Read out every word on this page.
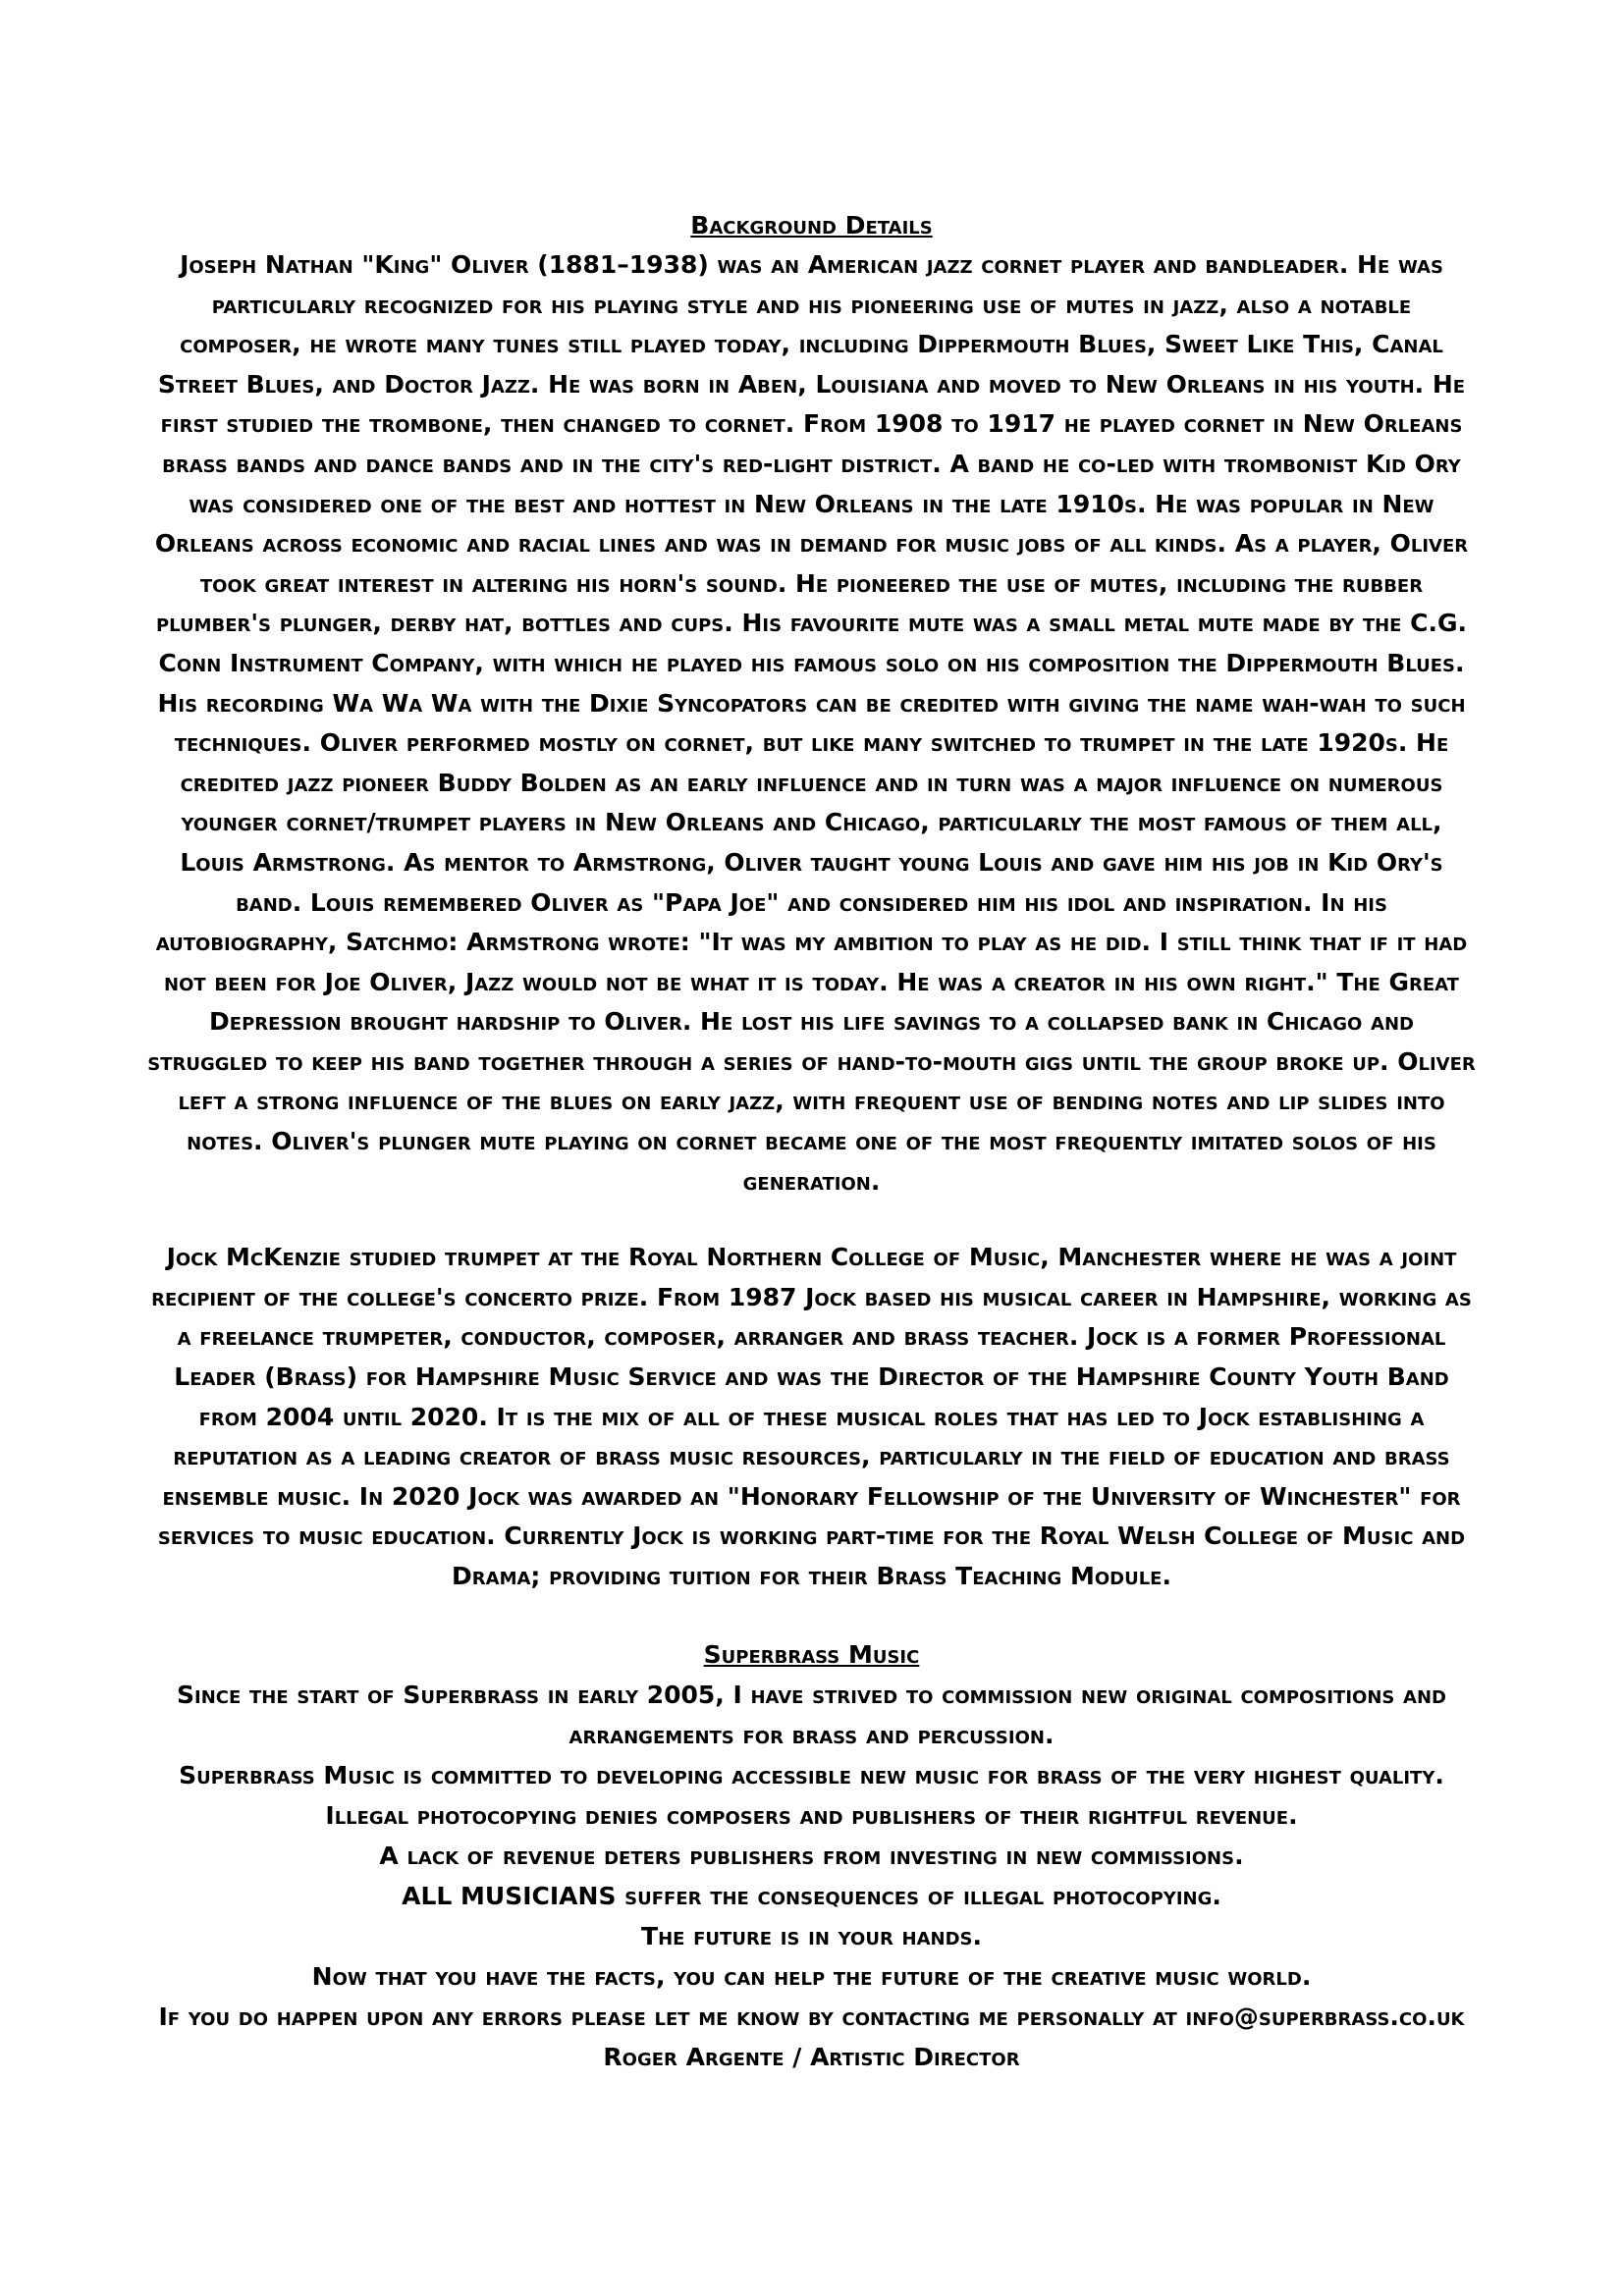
Background Details

Joseph Nathan "King" Oliver (1881–1938) was an American jazz cornet player and bandleader. He was particularly recognized for his playing style and his pioneering use of mutes in jazz, also a notable composer, he wrote many tunes still played today, including Dippermouth Blues, Sweet Like This, Canal Street Blues, and Doctor Jazz. He was born in Aben, Louisiana and moved to New Orleans in his youth. He first studied the trombone, then changed to cornet. From 1908 to 1917 he played cornet in New Orleans brass bands and dance bands and in the city's red-light district. A band he co-led with trombonist Kid Ory was considered one of the best and hottest in New Orleans in the late 1910s. He was popular in New Orleans across economic and racial lines and was in demand for music jobs of all kinds. As a player, Oliver took great interest in altering his horn's sound. He pioneered the use of mutes, including the rubber plumber's plunger, derby hat, bottles and cups. His favourite mute was a small metal mute made by the C.G. Conn Instrument Company, with which he played his famous solo on his composition the Dippermouth Blues. His recording Wa Wa Wa with the Dixie Syncopators can be credited with giving the name wah-wah to such techniques. Oliver performed mostly on cornet, but like many switched to trumpet in the late 1920s. He credited jazz pioneer Buddy Bolden as an early influence and in turn was a major influence on numerous younger cornet/trumpet players in New Orleans and Chicago, particularly the most famous of them all, Louis Armstrong. As mentor to Armstrong, Oliver taught young Louis and gave him his job in Kid Ory's band. Louis remembered Oliver as "Papa Joe" and considered him his idol and inspiration. In his autobiography, Satchmo: Armstrong wrote: "It was my ambition to play as he did. I still think that if it had not been for Joe Oliver, Jazz would not be what it is today. He was a creator in his own right." The Great Depression brought hardship to Oliver. He lost his life savings to a collapsed bank in Chicago and struggled to keep his band together through a series of hand-to-mouth gigs until the group broke up. Oliver left a strong influence of the blues on early jazz, with frequent use of bending notes and lip slides into notes. Oliver's plunger mute playing on cornet became one of the most frequently imitated solos of his generation.

Jock McKenzie studied trumpet at the Royal Northern College of Music, Manchester where he was a joint recipient of the college's concerto prize. From 1987 Jock based his musical career in Hampshire, working as a freelance trumpeter, conductor, composer, arranger and brass teacher. Jock is a former Professional Leader (Brass) for Hampshire Music Service and was the Director of the Hampshire County Youth Band from 2004 until 2020. It is the mix of all of these musical roles that has led to Jock establishing a reputation as a leading creator of brass music resources, particularly in the field of education and brass ensemble music. In 2020 Jock was awarded an "Honorary Fellowship of the University of Winchester" for services to music education. Currently Jock is working part-time for the Royal Welsh College of Music and Drama; providing tuition for their Brass Teaching Module.

Superbrass Music

Since the start of Superbrass in early 2005, I have strived to commission new original compositions and arrangements for brass and percussion.

Superbrass Music is committed to developing accessible new music for brass of the very highest quality.

Illegal photocopying denies composers and publishers of their rightful revenue.

A lack of revenue deters publishers from investing in new commissions.

ALL MUSICIANS suffer the consequences of illegal photocopying.

The future is in your hands.

Now that you have the facts, you can help the future of the creative music world.

If you do happen upon any errors please let me know by contacting me personally at info@superbrass.co.uk

Roger Argente / Artistic Director
